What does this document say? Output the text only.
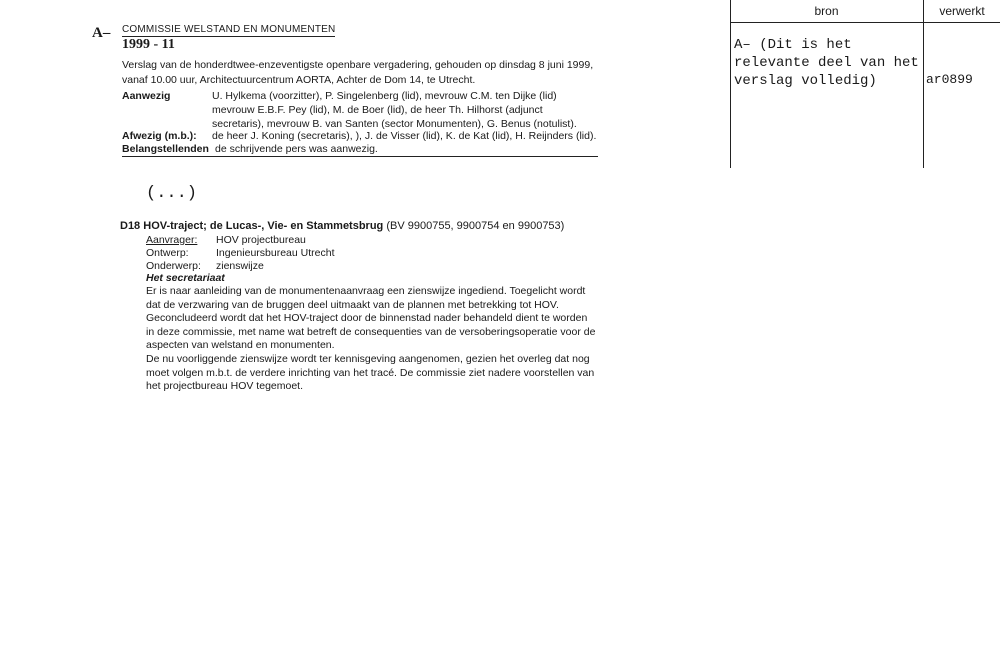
A– COMMISSIE WELSTAND EN MONUMENTEN
1999 - 11
Verslag van de honderdtwee-enzeventigste openbare vergadering, gehouden op dinsdag 8 juni 1999, vanaf 10.00 uur, Architectuurcentrum AORTA, Achter de Dom 14, te Utrecht.
Aanwezig	U. Hylkema (voorzitter), P. Singelenberg (lid), mevrouw C.M. ten Dijke (lid) mevrouw E.B.F. Pey (lid), M. de Boer (lid), de heer Th. Hilhorst (adjunct secretaris), mevrouw B. van Santen (sector Monumenten), G. Benus (notulist).
Afwezig (m.b.): de heer J. Koning (secretaris), ), J. de Visser (lid), K. de Kat (lid), H. Reijnders (lid).
Belangstellenden de schrijvende pers was aanwezig.
(...)
D18 HOV-traject; de Lucas-, Vie- en Stammetsbrug (BV 9900755, 9900754 en 9900753)
Aanvrager: HOV projectbureau
Ontwerp:	Ingenieursbureau Utrecht
Onderwerp: zienswijze
Het secretariaat

Er is naar aanleiding van de monumentenaanvraag een zienswijze ingediend. Toegelicht wordt dat de verzwaring van de bruggen deel uitmaakt van de plannen met betrekking tot HOV.

Geconcludeerd wordt dat het HOV-traject door de binnenstad nader behandeld dient te worden in deze commissie, met name wat betreft de consequenties van de versoberingsoperatie voor de aspecten van welstand en monumenten.

De nu voorliggende zienswijze wordt ter kennisgeving aangenomen, gezien het overleg dat nog moet volgen m.b.t. de verdere inrichting van het tracé. De commissie ziet nadere voorstellen van het projectbureau HOV tegemoet.

bron	verwerkt
A– (Dit is het relevante deel van het verslag volledig)	ar0899
